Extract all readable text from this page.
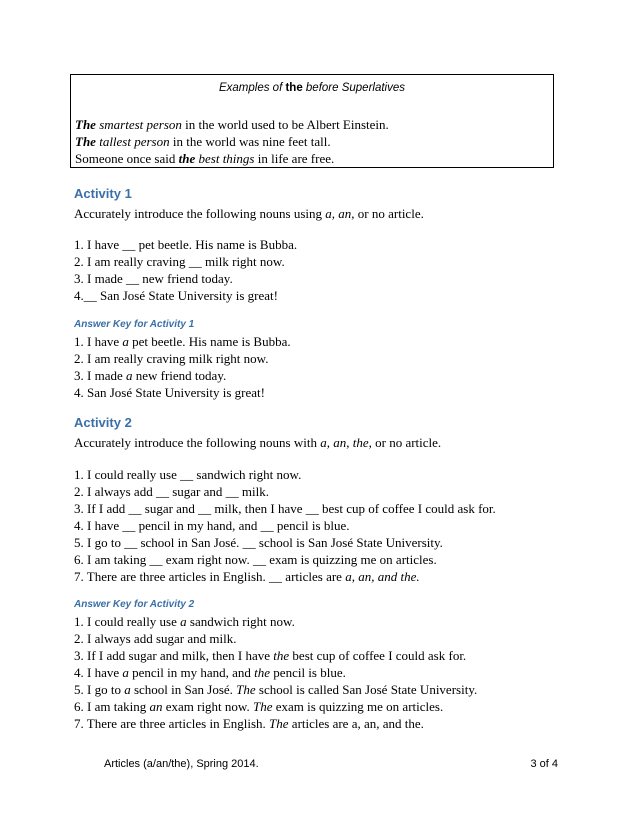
Examples of the before Superlatives
The smartest person in the world used to be Albert Einstein.
The tallest person in the world was nine feet tall.
Someone once said the best things in life are free.
Activity 1
Accurately introduce the following nouns using a, an, or no article.
1. I have __ pet beetle. His name is Bubba.
2. I am really craving __ milk right now.
3. I made __ new friend today.
4.__ San José State University is great!
Answer Key for Activity 1
1. I have a pet beetle. His name is Bubba.
2. I am really craving milk right now.
3. I made a new friend today.
4. San José State University is great!
Activity 2
Accurately introduce the following nouns with a, an, the, or no article.
1. I could really use __ sandwich right now.
2. I always add __ sugar and __ milk.
3. If I add __ sugar and __ milk, then I have __ best cup of coffee I could ask for.
4. I have __ pencil in my hand, and __ pencil is blue.
5. I go to __ school in San José. __ school is San José State University.
6. I am taking __ exam right now. __ exam is quizzing me on articles.
7. There are three articles in English. __ articles are a, an, and the.
Answer Key for Activity 2
1. I could really use a sandwich right now.
2. I always add sugar and milk.
3. If I add sugar and milk, then I have the best cup of coffee I could ask for.
4. I have a pencil in my hand, and the pencil is blue.
5. I go to a school in San José. The school is called San José State University.
6. I am taking an exam right now. The exam is quizzing me on articles.
7. There are three articles in English. The articles are a, an, and the.
Articles (a/an/the), Spring 2014.	3 of 4
